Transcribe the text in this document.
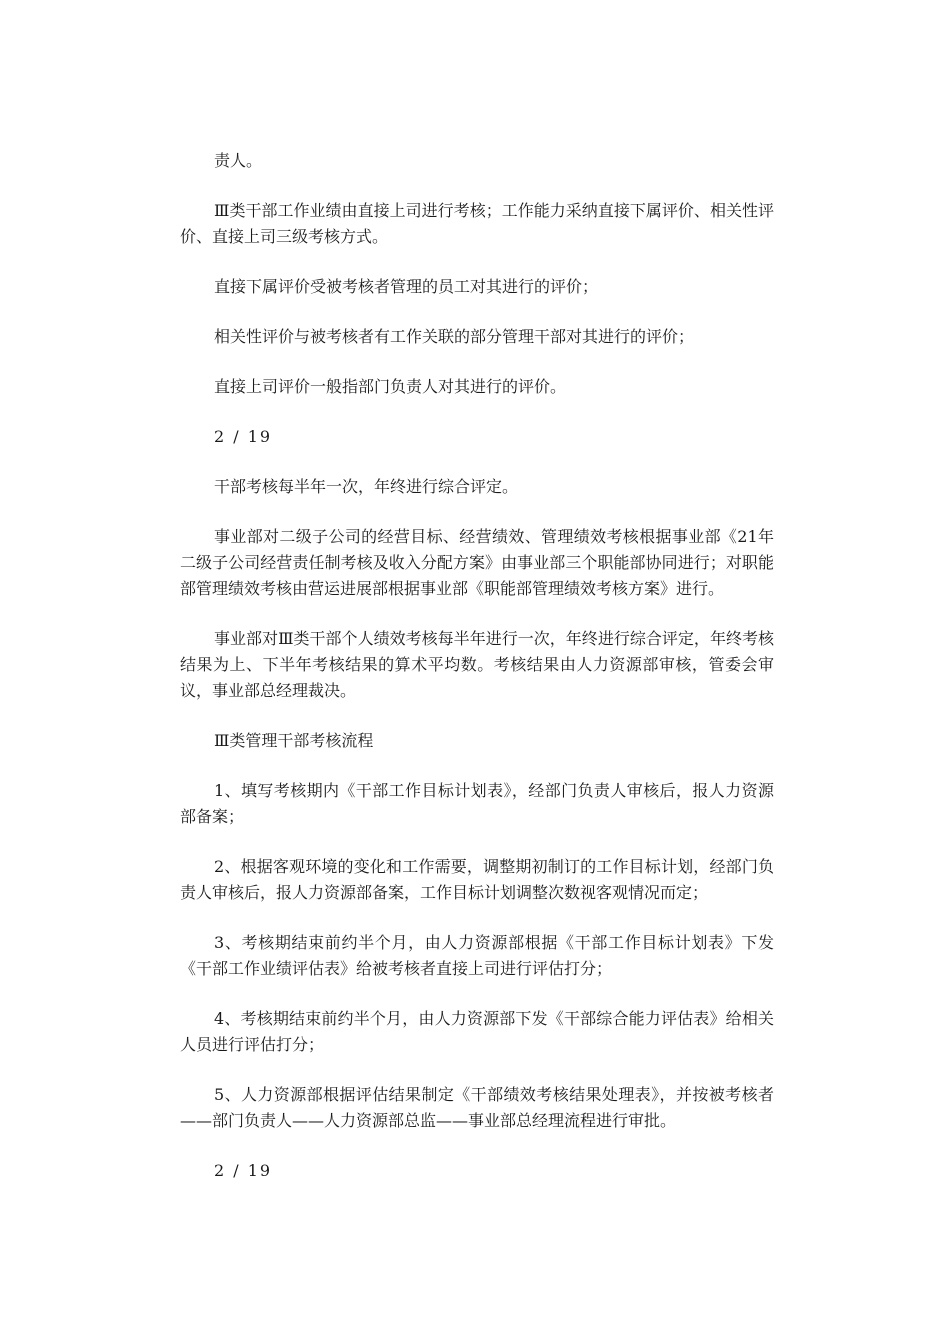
责人。

Ⅲ类干部工作业绩由直接上司进行考核；工作能力采纳直接下属评价、相关性评价、直接上司三级考核方式。

直接下属评价受被考核者管理的员工对其进行的评价；

相关性评价与被考核者有工作关联的部分管理干部对其进行的评价；

直接上司评价一般指部门负责人对其进行的评价。

2 / 19

干部考核每半年一次，年终进行综合评定。

事业部对二级子公司的经营目标、经营绩效、管理绩效考核根据事业部《21年二级子公司经营责任制考核及收入分配方案》由事业部三个职能部协同进行；对职能部管理绩效考核由营运进展部根据事业部《职能部管理绩效考核方案》进行。

事业部对Ⅲ类干部个人绩效考核每半年进行一次，年终进行综合评定，年终考核结果为上、下半年考核结果的算术平均数。考核结果由人力资源部审核，管委会审议，事业部总经理裁决。

Ⅲ类管理干部考核流程

1、填写考核期内《干部工作目标计划表》，经部门负责人审核后，报人力资源部备案；

2、根据客观环境的变化和工作需要，调整期初制订的工作目标计划，经部门负责人审核后，报人力资源部备案，工作目标计划调整次数视客观情况而定；

3、考核期结束前约半个月，由人力资源部根据《干部工作目标计划表》下发《干部工作业绩评估表》给被考核者直接上司进行评估打分；

4、考核期结束前约半个月，由人力资源部下发《干部综合能力评估表》给相关人员进行评估打分；

5、人力资源部根据评估结果制定《干部绩效考核结果处理表》，并按被考核者——部门负责人——人力资源部总监——事业部总经理流程进行审批。

2 / 19
